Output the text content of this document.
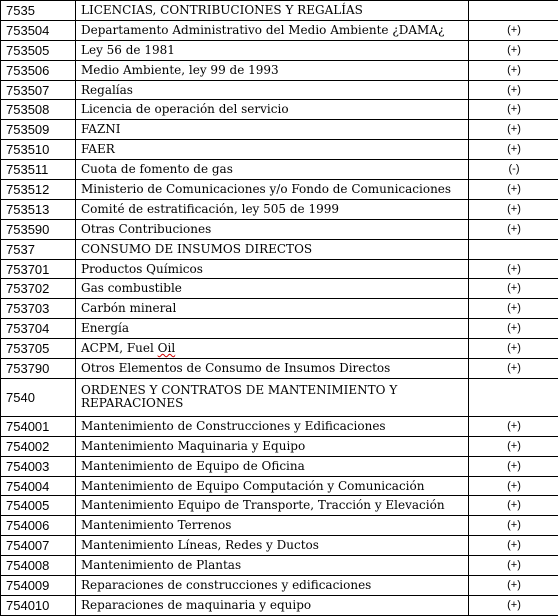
7535	LICENCIAS, CONTRIBUCIONES Y REGALÍAS	
753504	Departamento Administrativo del Medio Ambiente ¿DAMA¿	(+)
753505	Ley 56 de 1981	(+)
753506	Medio Ambiente, ley 99 de 1993	(+)
753507	Regalías	(+)
753508	Licencia de operación del servicio	(+)
753509	FAZNI	(+)
753510	FAER	(+)
753511	Cuota de fomento de gas	(-)
753512	Ministerio de Comunicaciones y/o Fondo de Comunicaciones	(+)
753513	Comité de estratificación, ley 505 de 1999	(+)
753590	Otras Contribuciones	(+)
7537	CONSUMO DE INSUMOS DIRECTOS	
753701	Productos Químicos	(+)
753702	Gas combustible	(+)
753703	Carbón mineral	(+)
753704	Energía	(+)
753705	ACPM, Fuel Oil	(+)
753790	Otros Elementos de Consumo de Insumos Directos	(+)
7540	ORDENES Y CONTRATOS DE MANTENIMIENTO Y REPARACIONES	
754001	Mantenimiento de Construcciones y Edificaciones	(+)
754002	Mantenimiento Maquinaria y Equipo	(+)
754003	Mantenimiento de Equipo de Oficina	(+)
754004	Mantenimiento de Equipo Computación y Comunicación	(+)
754005	Mantenimiento Equipo de Transporte, Tracción y Elevación	(+)
754006	Mantenimiento Terrenos	(+)
754007	Mantenimiento Líneas, Redes y Ductos	(+)
754008	Mantenimiento de Plantas	(+)
754009	Reparaciones de construcciones y edificaciones	(+)
754010	Reparaciones de maquinaria y equipo	(+)
